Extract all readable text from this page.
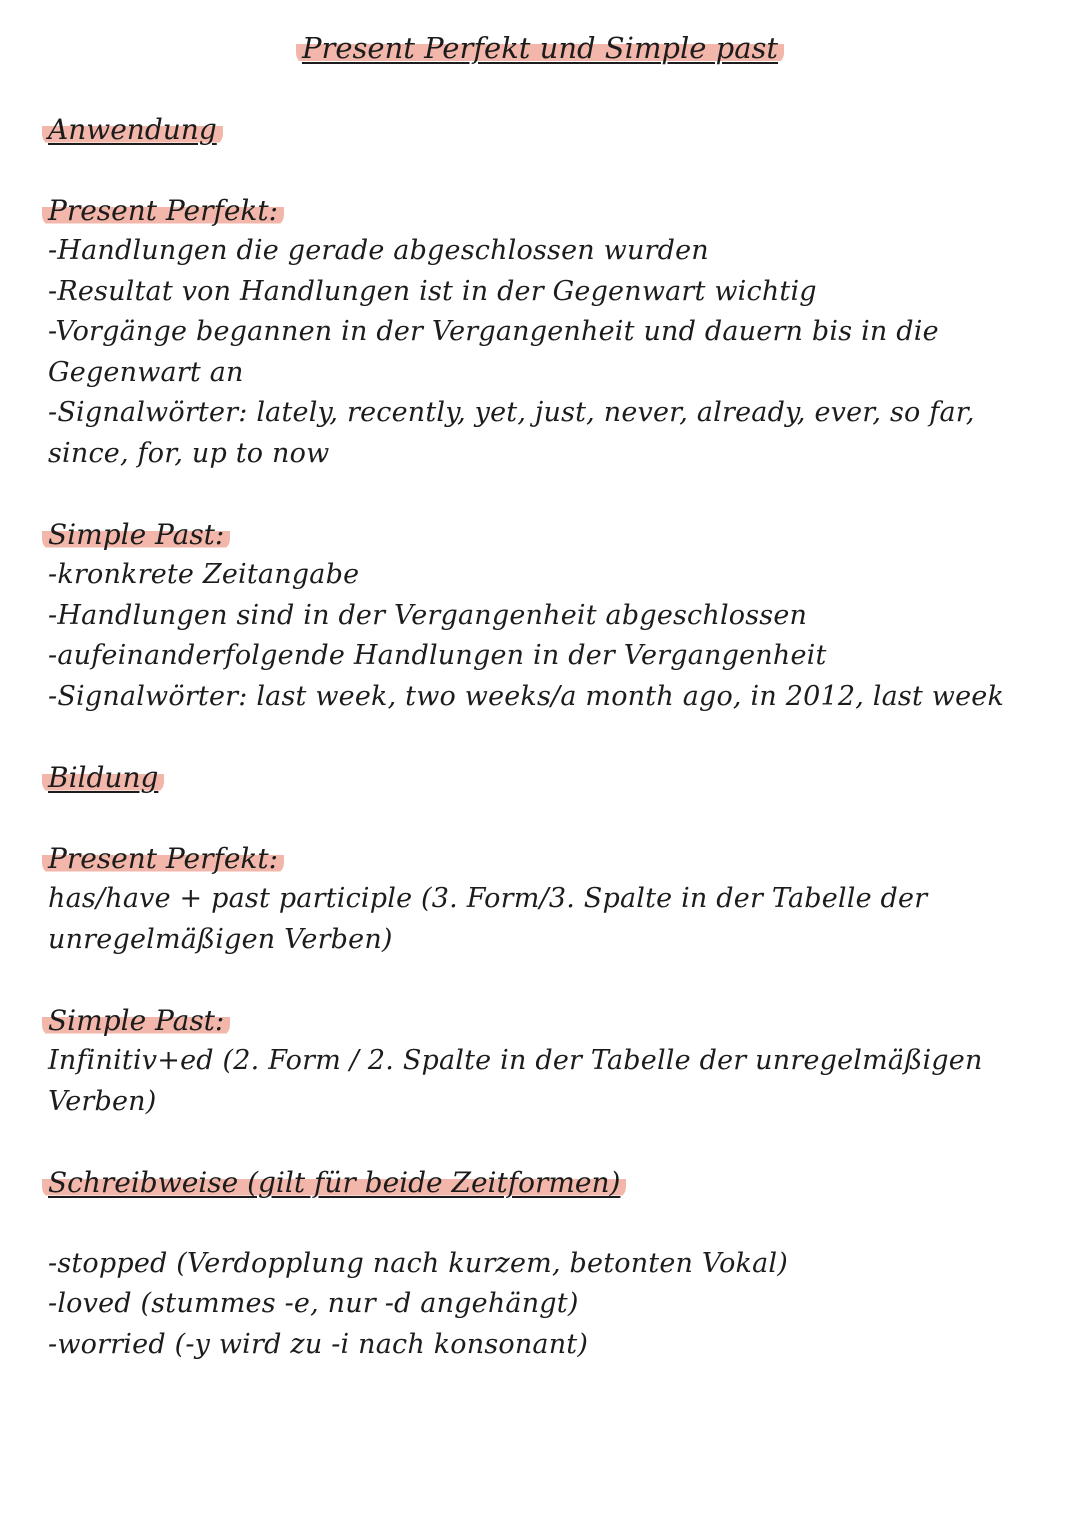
Present Perfekt und Simple past
Anwendung
Present Perfekt:
-Handlungen die gerade abgeschlossen wurden
-Resultat von Handlungen ist in der Gegenwart wichtig
-Vorgänge begannen in der Vergangenheit und dauern bis in die
Gegenwart an
-Signalwörter: lately, recently, yet, just, never, already, ever, so far,
since, for, up to now
Simple Past:
-kronkrete Zeitangabe
-Handlungen sind in der Vergangenheit abgeschlossen
-aufeinanderfolgende Handlungen in der Vergangenheit
-Signalwörter: last week, two weeks/a month ago, in 2012, last week
Bildung
Present Perfekt:
has/have + past participle (3. Form/3. Spalte in der Tabelle der
unregelmäßigen Verben)
Simple Past:
Infinitiv+ed (2. Form / 2. Spalte in der Tabelle der unregelmäßigen
Verben)
Schreibweise (gilt für beide Zeitformen)
-stopped (Verdopplung nach kurzem, betonten Vokal)
-loved (stummes -e, nur -d angehängt)
-worried (-y wird zu -i nach konsonant)
